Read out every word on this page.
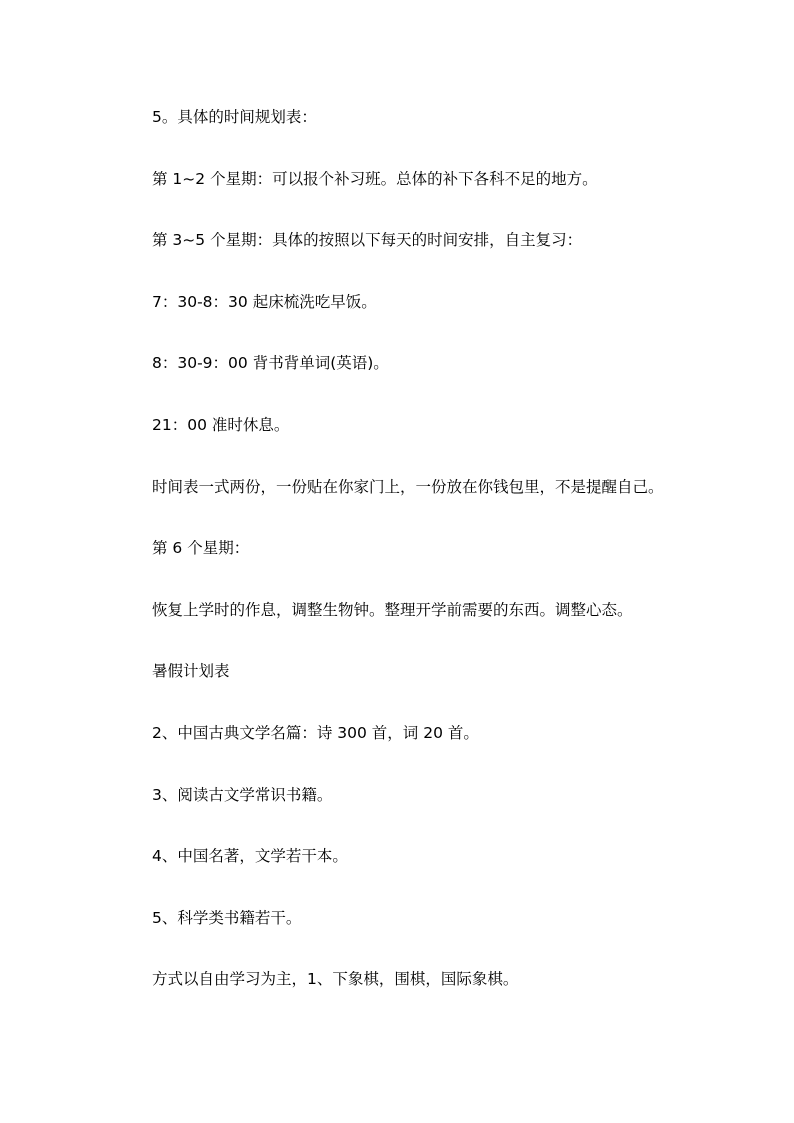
5。具体的时间规划表：

第 1~2 个星期：可以报个补习班。总体的补下各科不足的地方。

第 3~5 个星期：具体的按照以下每天的时间安排，自主复习：

7：30-8：30 起床梳洗吃早饭。

8：30-9：00 背书背单词(英语)。

21：00 准时休息。

时间表一式两份，一份贴在你家门上，一份放在你钱包里，不是提醒自己。

第 6 个星期：

恢复上学时的作息，调整生物钟。整理开学前需要的东西。调整心态。

暑假计划表

2、中国古典文学名篇：诗 300 首，词 20 首。

3、阅读古文学常识书籍。

4、中国名著，文学若干本。

5、科学类书籍若干。

方式以自由学习为主，1、下象棋，围棋，国际象棋。
